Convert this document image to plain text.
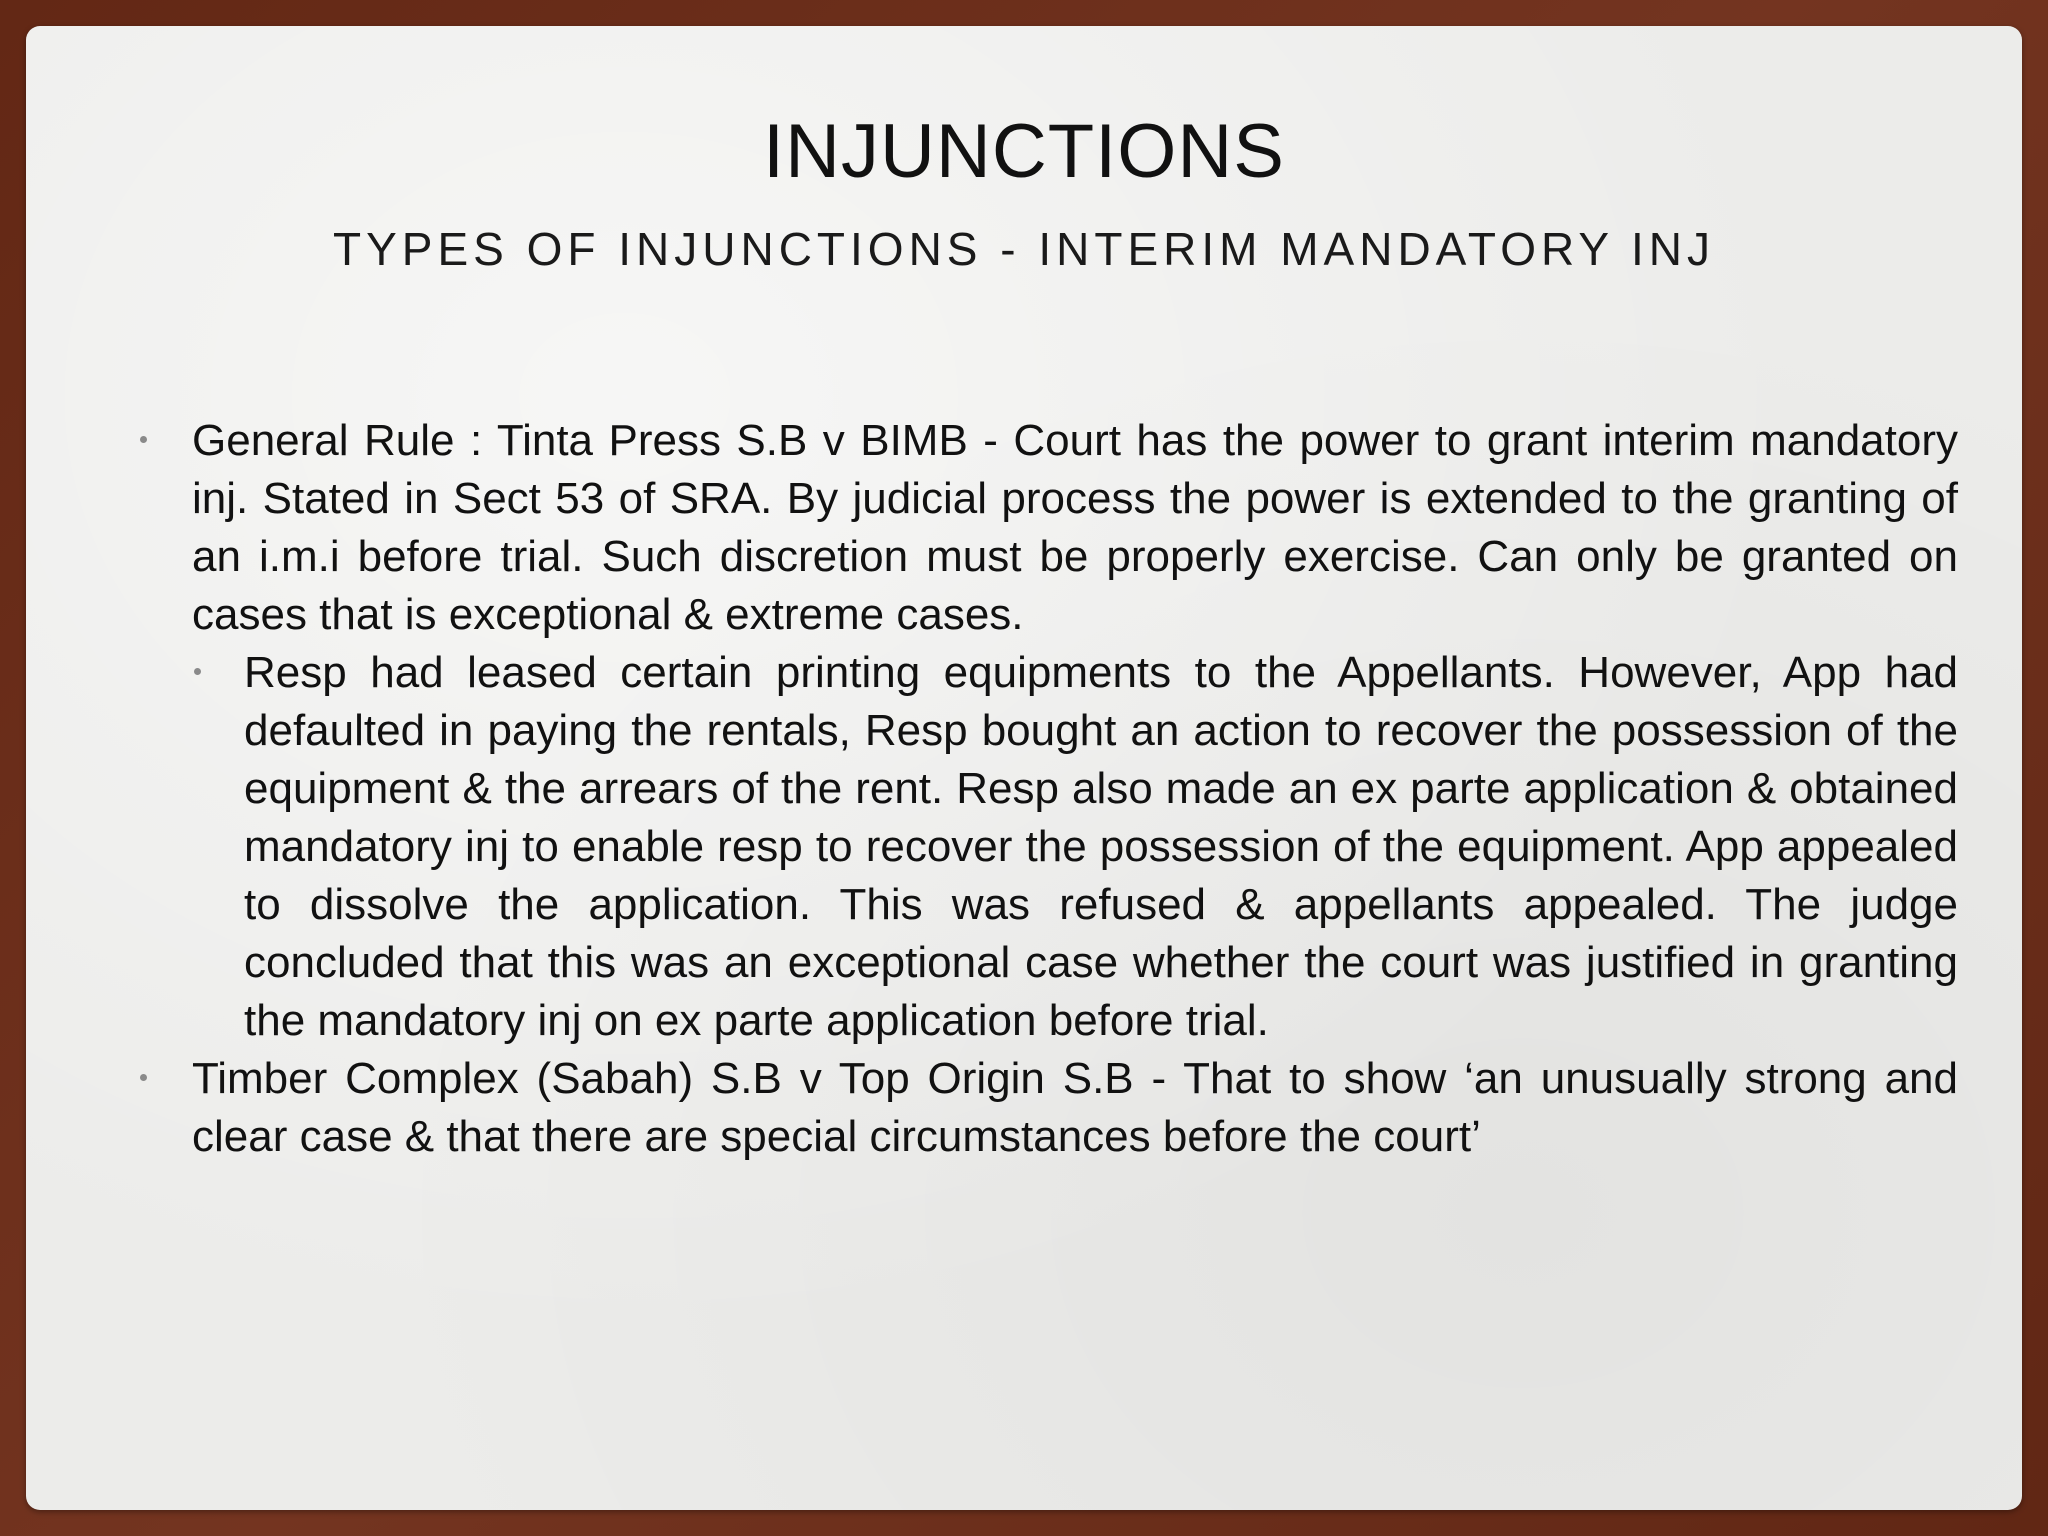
INJUNCTIONS
TYPES OF INJUNCTIONS - INTERIM MANDATORY INJ

General Rule : Tinta Press S.B v BIMB - Court has the power to grant interim mandatory inj. Stated in Sect 53 of SRA. By judicial process the power is extended to the granting of an i.m.i before trial. Such discretion must be properly exercise. Can only be granted on cases that is exceptional & extreme cases.

Resp had leased certain printing equipments to the Appellants. However, App had defaulted in paying the rentals, Resp bought an action to recover the possession of the equipment & the arrears of the rent. Resp also made an ex parte application & obtained mandatory inj to enable resp to recover the possession of the equipment. App appealed to dissolve the application. This was refused & appellants appealed. The judge concluded that this was an exceptional case whether the court was justified in granting the mandatory inj on ex parte application before trial.

Timber Complex (Sabah) S.B v Top Origin S.B - That to show ‘an unusually strong and clear case & that there are special circumstances before the court’
